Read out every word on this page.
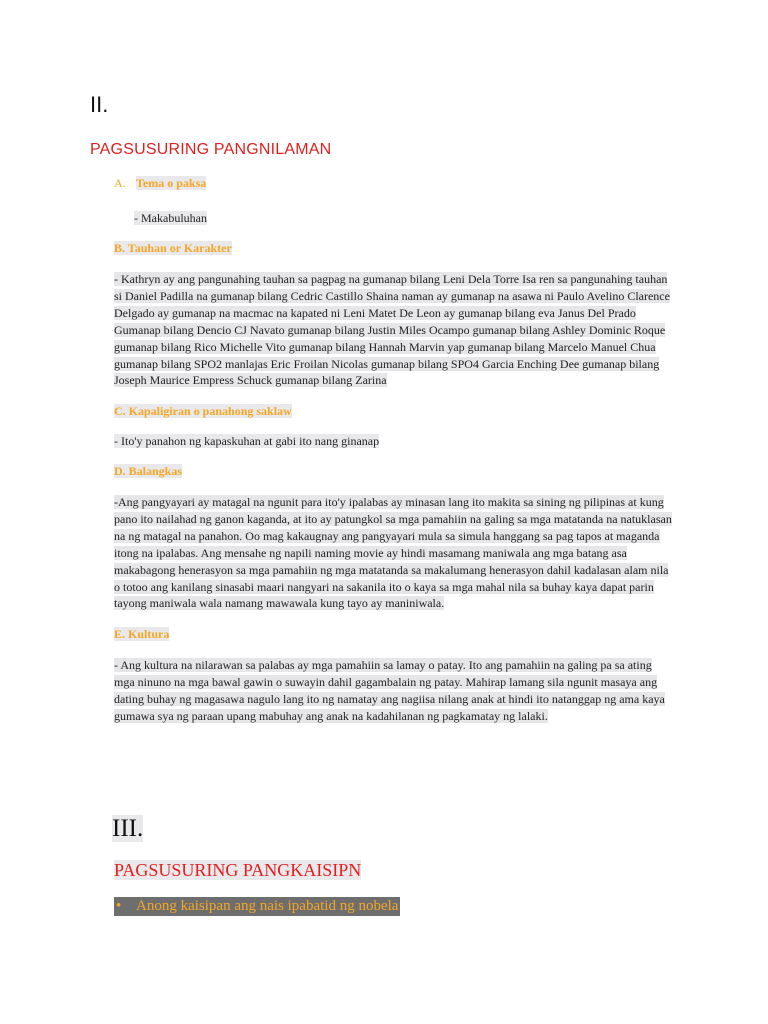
II.
PAGSUSURING PANGNILAMAN
A. Tema o paksa
- Makabuluhan
B. Tauhan or Karakter
- Kathryn ay ang pangunahing tauhan sa pagpag na gumanap bilang Leni Dela Torre Isa ren sa pangunahing tauhan si Daniel Padilla na gumanap bilang Cedric Castillo Shaina naman ay gumanap na asawa ni Paulo Avelino Clarence Delgado ay gumanap na macmac na kapated ni Leni Matet De Leon ay gumanap bilang eva Janus Del Prado Gumanap bilang Dencio CJ Navato gumanap bilang Justin Miles Ocampo gumanap bilang Ashley Dominic Roque gumanap bilang Rico Michelle Vito gumanap bilang Hannah Marvin yap gumanap bilang Marcelo Manuel Chua gumanap bilang SPO2 manlajas Eric Froilan Nicolas gumanap bilang SPO4 Garcia Enching Dee gumanap bilang Joseph Maurice Empress Schuck gumanap bilang Zarina
C. Kapaligiran o panahong saklaw
- Ito'y panahon ng kapaskuhan at gabi ito nang ginanap
D. Balangkas
-Ang pangyayari ay matagal na ngunit para ito'y ipalabas ay minasan lang ito makita sa sining ng pilipinas at kung pano ito nailahad ng ganon kaganda, at ito ay patungkol sa mga pamahiin na galing sa mga matatanda na natuklasan na ng matagal na panahon. Oo mag kakaugnay ang pangyayari mula sa simula hanggang sa pag tapos at maganda itong na ipalabas. Ang mensahe ng napili naming movie ay hindi masamang maniwala ang mga batang asa makabagong henerasyon sa mga pamahiin ng mga matatanda sa makalumang henerasyon dahil kadalasan alam nila o totoo ang kanilang sinasabi maari nangyari na sakanila ito o kaya sa mga mahal nila sa buhay kaya dapat parin tayong maniwala wala namang mawawala kung tayo ay maniniwala.
E. Kultura
- Ang kultura na nilarawan sa palabas ay mga pamahiin sa lamay o patay. Ito ang pamahiin na galing pa sa ating mga ninuno na mga bawal gawin o suwayin dahil gagambalain ng patay. Mahirap lamang sila ngunit masaya ang dating buhay ng magasawa nagulo lang ito ng namatay ang nagiisa nilang anak at hindi ito natanggap ng ama kaya gumawa sya ng paraan upang mabuhay ang anak na kadahilanan ng pagkamatay ng lalaki.
III.
PAGSUSURING PANGKAISIPN
• Anong kaisipan ang nais ipabatid ng nobela
